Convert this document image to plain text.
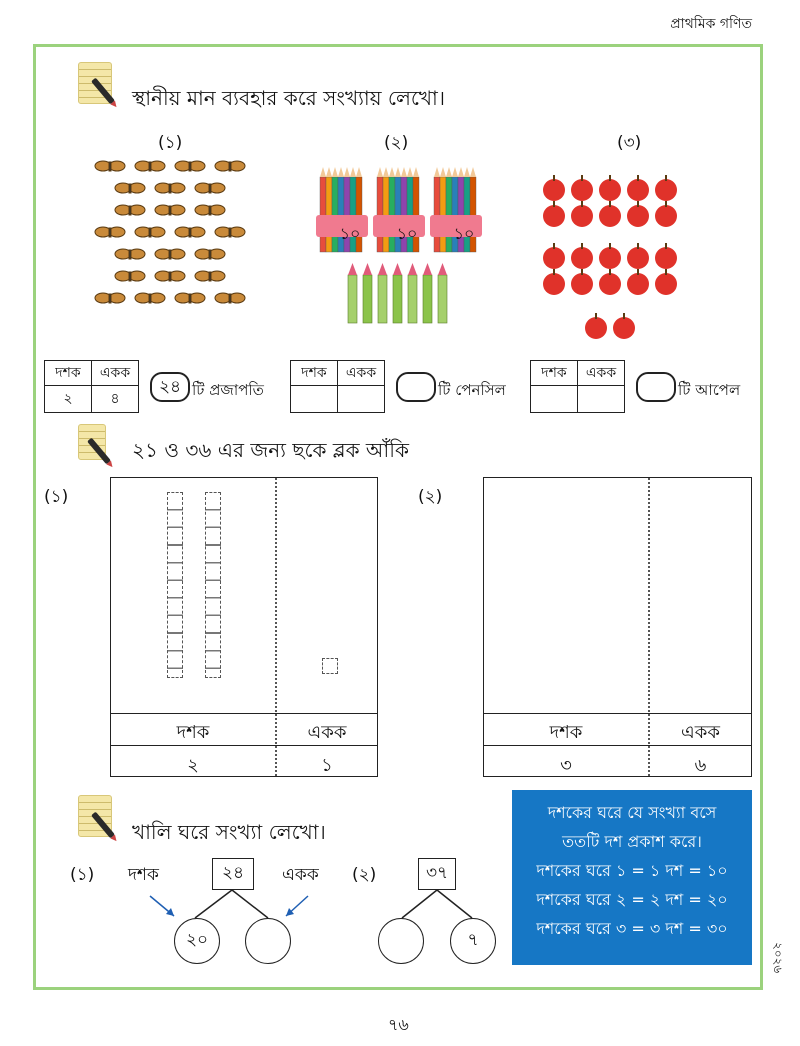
প্রাথমিক গণিত
স্থানীয় মান ব্যবহার করে সংখ্যায় লেখো।
(১)	(২)	(৩)
১০	১০	১০
দশক	একক
২	৪
২৪ টি প্রজাপতি
দশক	একক

টি পেনসিল
দশক	একক

টি আপেল
২১ ও ৩৬ এর জন্য ছকে ব্লক আঁকি
(১)
দশক	একক
২	১
(২)
দশক	একক
৩	৬
খালি ঘরে সংখ্যা লেখো।
(১) দশক	২৪	একক
২০
(২)	৩৭
৭
দশকের ঘরে যে সংখ্যা বসে
ততটি দশ প্রকাশ করে।
দশকের ঘরে ১ = ১ দশ = ১০
দশকের ঘরে ২ = ২ দশ = ২০
দশকের ঘরে ৩ = ৩ দশ = ৩০
২০২৬
৭৬
